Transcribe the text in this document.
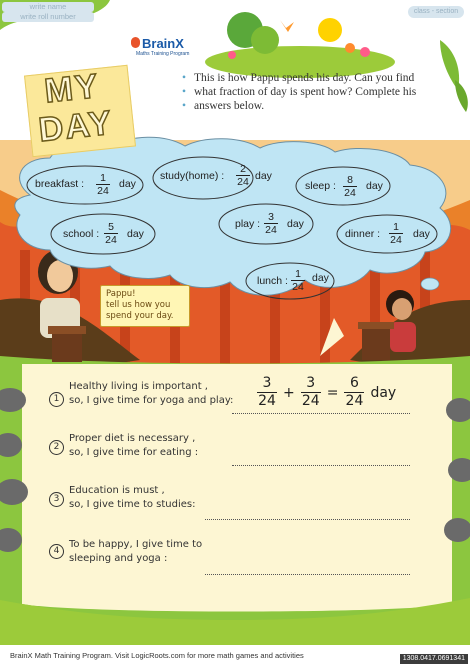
write name
write roll number
class - section
BrainX
Maths Training Program
MY
DAY
• This is how Pappu spends his day. Can you find
• what fraction of day is spent how? Complete his
• answers below.
breakfast : 1
24
day
study(home) :
2
24 day
sleep : 8
24
day
school :
5
24 day
play :
3
24 day
dinner :
1
24 day
lunch :
1
24
day
Pappu!
tell us how you
spend your day.
1
Healthy living is important ,
so, I give time for yoga and play:
3
24
+
3
24
=
6
24
day
2
Proper diet is necessary ,
so, I give time for eating :
3
Education is must ,
so, I give time to studies:
4
To be happy, I give time to
sleeping and yoga :
BrainX Math Training Program. Visit LogicRoots.com for more math games and activities	1308.0417.0691341
